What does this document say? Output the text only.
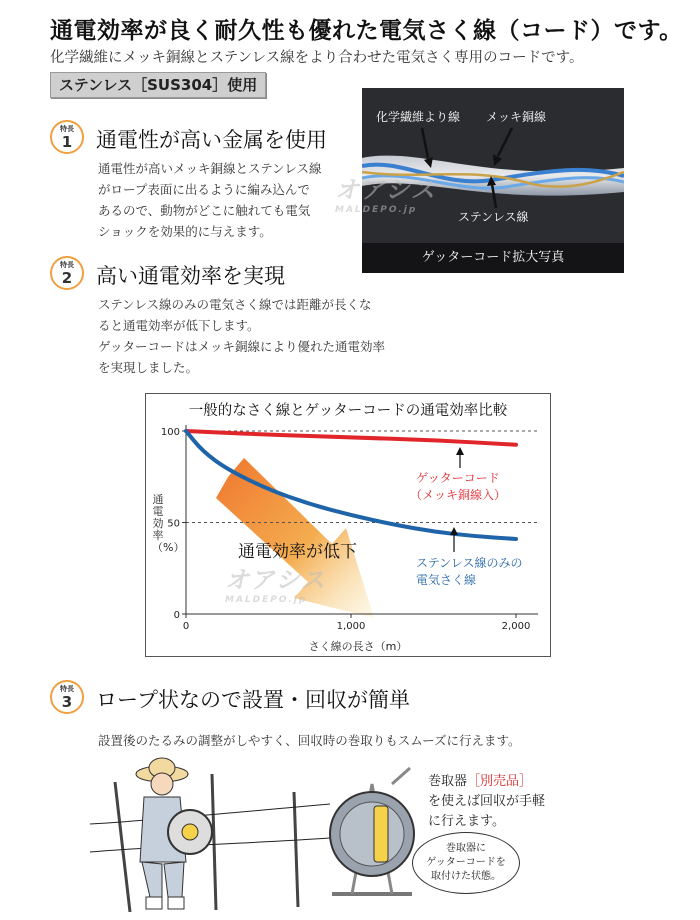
通電効率が良く耐久性も優れた電気さく線（コード）です。
化学繊維にメッキ銅線とステンレス線をより合わせた電気さく専用のコードです。
ステンレス［SUS304］使用
特長
1	通電性が高い金属を使用
通電性が高いメッキ銅線とステンレス線
がロープ表面に出るように編み込んで
あるので、動物がどこに触れても電気
ショックを効果的に与えます。
化学繊維より線 メッキ銅線
ステンレス線
ゲッターコード拡大写真
オアシス
MALDEPO.jp
特長
2	高い通電効率を実現
ステンレス線のみの電気さく線では距離が長くな
ると通電効率が低下します。
ゲッターコードはメッキ銅線により優れた通電効率
を実現しました。
一般的なさく線とゲッターコードの通電効率比較
0
50
100
0	1,000	2,000
通電効率（%）
さく線の長さ（m）
通電効率が低下
ゲッターコード
（メッキ銅線入）
ステンレス線のみの
電気さく線
オアシス
MALDEPO.jp
特長
3	ロープ状なので設置・回収が簡単
設置後のたるみの調整がしやすく、回収時の巻取りもスムーズに行えます。
巻取器［別売品］
を使えば回収が手軽
に行えます。
巻取器に
ゲッターコードを
取付けた状態。
